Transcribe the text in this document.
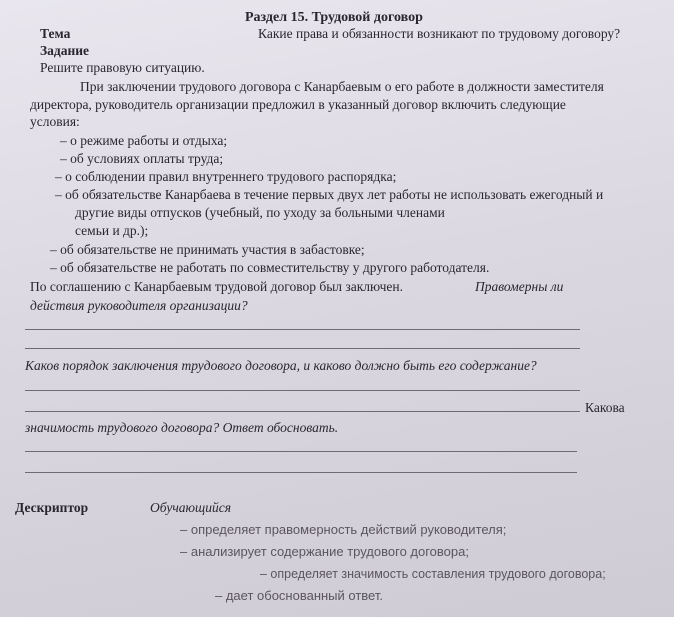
Раздел 15. Трудовой договор
Тема	Какие права и обязанности возникают по трудовому договору?
Задание
Решите правовую ситуацию.
При заключении трудового договора с Канарбаевым о его работе в должности заместителя
директора, руководитель организации предложил в указанный договор включить следующие
условия:
– о режиме работы и отдыха;
– об условиях оплаты труда;
– о соблюдении правил внутреннего трудового распорядка;
– об обязательстве Канарбаева в течение первых двух лет работы не использовать ежегодный и
другие виды отпусков (учебный, по уходу за больными членами
семьи и др.);
– об обязательстве не принимать участия в забастовке;
– об обязательстве не работать по совместительству у другого работодателя.
По соглашению с Канарбаевым трудовой договор был заключен.	Правомерны ли
действия руководителя организации?
Каков порядок заключения трудового договора, и каково должно быть его содержание?
Какова
значимость трудового договора? Ответ обосновать.
Дескриптор	Обучающийся
– определяет правомерность действий руководителя;
– анализирует содержание трудового договора;
– определяет значимость составления трудового договора;
– дает обоснованный ответ.
